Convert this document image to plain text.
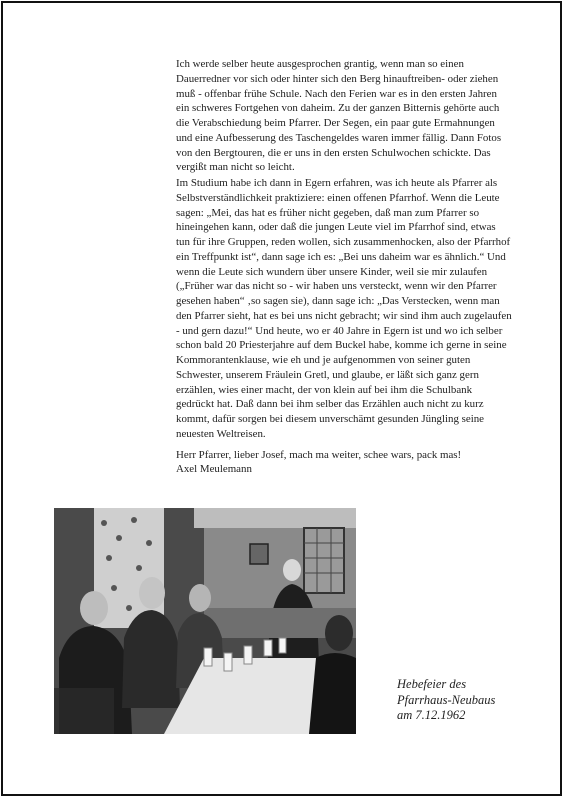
Ich werde selber heute ausgesprochen grantig, wenn man so einen Dauerredner vor sich oder hinter sich den Berg hinauftreiben- oder ziehen muß - offenbar frühe Schule. Nach den Ferien war es in den ersten Jahren ein schweres Fortgehen von daheim. Zu der ganzen Bitternis gehörte auch die Verabschiedung beim Pfarrer. Der Segen, ein paar gute Ermahnungen und eine Aufbesserung des Taschengeldes waren immer fällig. Dann Fotos von den Bergtouren, die er uns in den ersten Schulwochen schickte. Das vergißt man nicht so leicht.

Im Studium habe ich dann in Egern erfahren, was ich heute als Pfarrer als Selbstverständlichkeit praktiziere: einen offenen Pfarrhof. Wenn die Leute sagen: „Mei, das hat es früher nicht gegeben, daß man zum Pfarrer so hineingehen kann, oder daß die jungen Leute viel im Pfarrhof sind, etwas tun für ihre Gruppen, reden wollen, sich zusammenhocken, also der Pfarrhof ein Treffpunkt ist“, dann sage ich es: „Bei uns daheim war es ähnlich.“ Und wenn die Leute sich wundern über unsere Kinder, weil sie mir zulaufen („Früher war das nicht so - wir haben uns versteckt, wenn wir den Pfarrer gesehen haben“ ‚so sagen sie), dann sage ich: „Das Verstecken, wenn man den Pfarrer sieht, hat es bei uns nicht gebracht; wir sind ihm auch zugelaufen - und gern dazu!“ Und heute, wo er 40 Jahre in Egern ist und wo ich selber schon bald 20 Priesterjahre auf dem Buckel habe, komme ich gerne in seine Kommorantenklause, wie eh und je aufgenommen von seiner guten Schwester, unserem Fräulein Gretl, und glaube, er läßt sich ganz gern erzählen, wies einer macht, der von klein auf bei ihm die Schulbank gedrückt hat. Daß dann bei ihm selber das Erzählen auch nicht zu kurz kommt, dafür sorgen bei diesem unverschämt gesunden Jüngling seine neuesten Weltreisen.

Herr Pfarrer, lieber Josef, mach ma weiter, schee wars, pack mas!

Axel Meulemann

Hebefeier des
Pfarrhaus-Neubaus
am 7.12.1962
